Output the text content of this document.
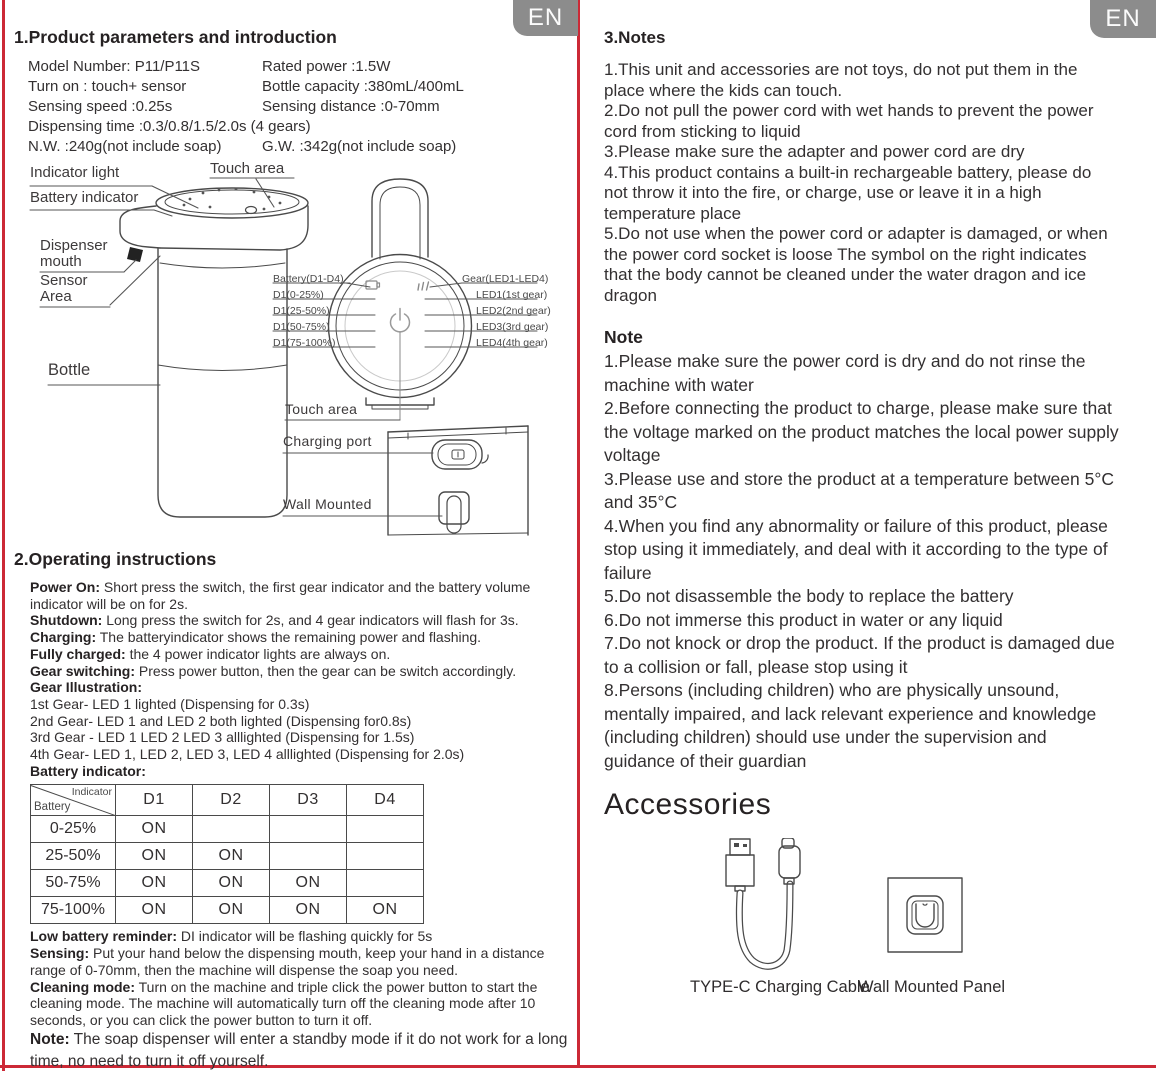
EN	EN
1.Product parameters and introduction
Model Number: P11/P11S	Rated power :1.5W
Turn on : touch+ sensor	Bottle capacity :380mL/400mL
Sensing speed :0.25s	Sensing distance :0-70mm
Dispensing time :0.3/0.8/1.5/2.0s (4 gears)
N.W. :240g(not include soap)	G.W. :342g(not include soap)
Indicator light
Battery indicator
Touch area
Dispenser
mouth
Sensor
Area
Bottle
Battery(D1-D4)
D1(0-25%)
D1(25-50%)
D1(50-75%)
D1(75-100%)
Gear(LED1-LED4)
LED1(1st gear)
LED2(2nd gear)
LED3(3rd gear)
LED4(4th gear)
Touch area
Charging port
Wall Mounted
2.Operating instructions
Power On: Short press the switch, the first gear indicator and the battery volume indicator will be on for 2s.
Shutdown: Long press the switch for 2s, and 4 gear indicators will flash for 3s.
Charging: The batteryindicator shows the remaining power and flashing.
Fully charged: the 4 power indicator lights are always on.
Gear switching: Press power button, then the gear can be switch accordingly.
Gear Illustration:
1st Gear- LED 1 lighted (Dispensing for 0.3s)
2nd Gear- LED 1 and LED 2 both lighted (Dispensing for0.8s)
3rd Gear - LED 1 LED 2 LED 3 alllighted (Dispensing for 1.5s)
4th Gear- LED 1, LED 2, LED 3, LED 4 alllighted (Dispensing for 2.0s)
Battery indicator:
Indicator
Battery	D1	D2	D3	D4
0-25%	ON			
25-50%	ON	ON		
50-75%	ON	ON	ON	
75-100%	ON	ON	ON	ON
Low battery reminder: DI indicator will be flashing quickly for 5s
Sensing: Put your hand below the dispensing mouth, keep your hand in a distance range of 0-70mm, then the machine will dispense the soap you need.
Cleaning mode: Turn on the machine and triple click the power button to start the cleaning mode. The machine will automatically turn off the cleaning mode after 10 seconds, or you can click the power button to turn it off.
Note: The soap dispenser will enter a standby mode if it do not work for a long time, no need to turn it off yourself.
3.Notes

1.This unit and accessories are not toys, do not put them in the place where the kids can touch.

2.Do not pull the power cord with wet hands to prevent the power cord from sticking to liquid

3.Please make sure the adapter and power cord are dry

4.This product contains a built-in rechargeable battery, please do not throw it into the fire, or charge, use or leave it in a high temperature place

5.Do not use when the power cord or adapter is damaged, or when the power cord socket is loose The symbol on the right indicates that the body cannot be cleaned under the water dragon and ice dragon

Note

1.Please make sure the power cord is dry and do not rinse the machine with water

2.Before connecting the product to charge, please make sure that the voltage marked on the product matches the local power supply voltage

3.Please use and store the product at a temperature between 5°C and 35°C

4.When you find any abnormality or failure of this product, please stop using it immediately, and deal with it according to the type of failure

5.Do not disassemble the body to replace the battery

6.Do not immerse this product in water or any liquid

7.Do not knock or drop the product. If the product is damaged due to a collision or fall, please stop using it

8.Persons (including children) who are physically unsound, mentally impaired, and lack relevant experience and knowledge (including children) should use under the supervision and guidance of their guardian

Accessories
TYPE-C Charging Cable
Wall Mounted Panel
